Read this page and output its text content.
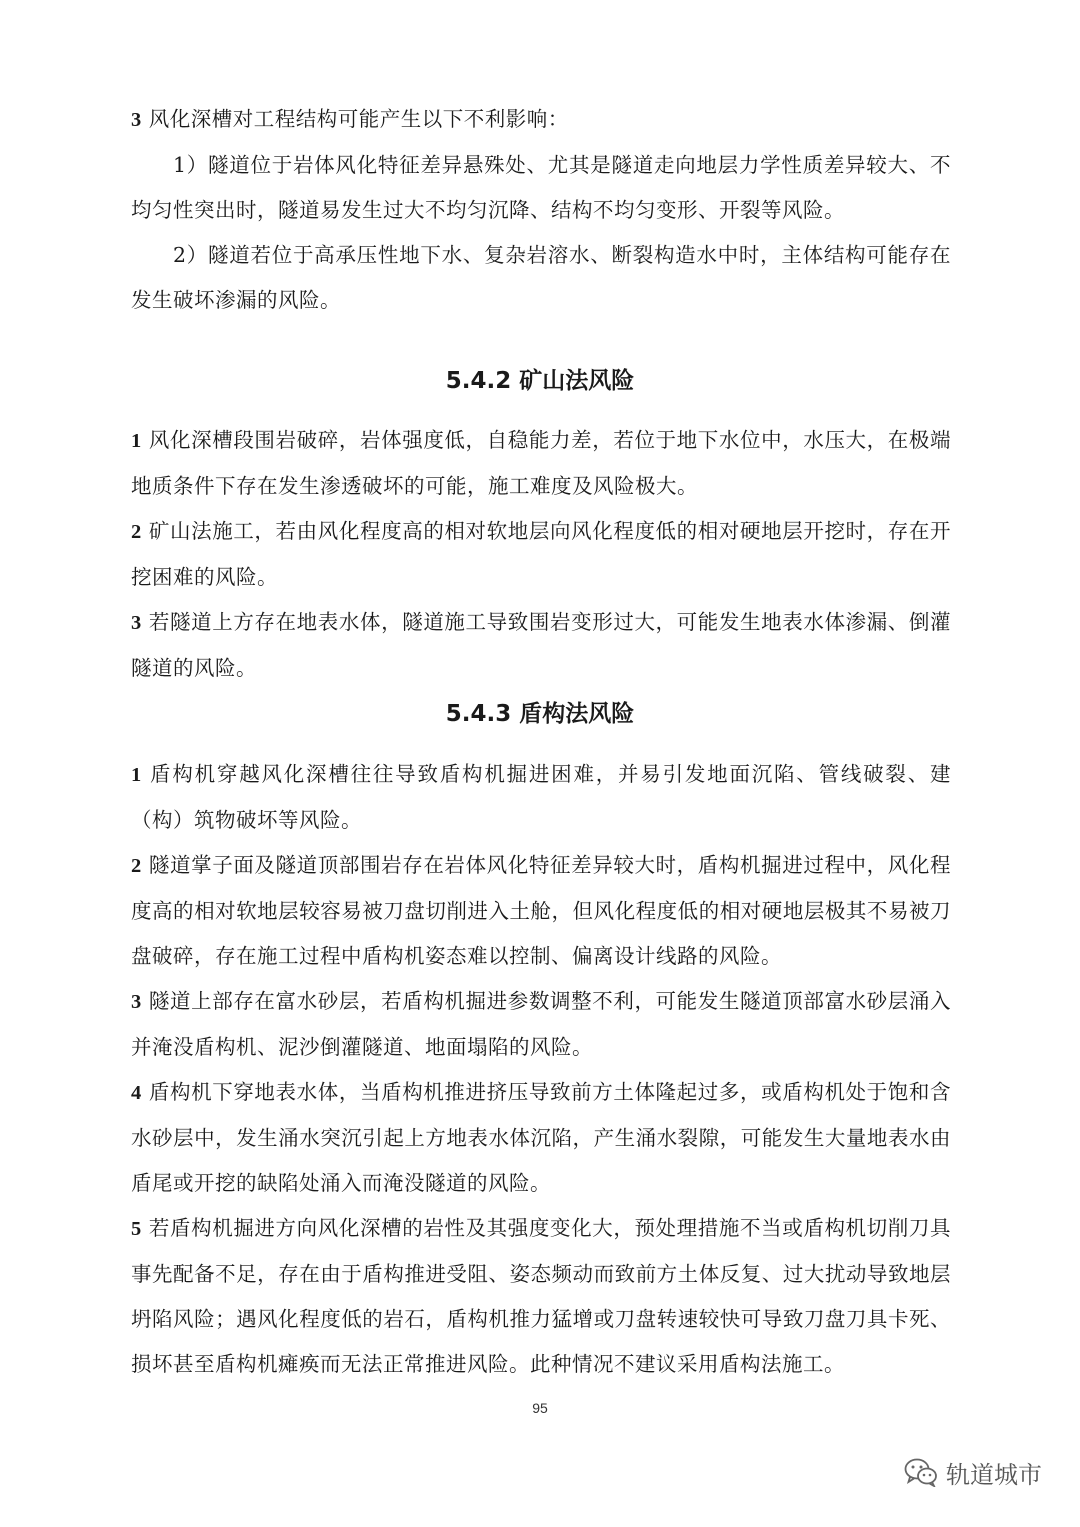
3 风化深槽对工程结构可能产生以下不利影响：

1）隧道位于岩体风化特征差异悬殊处、尤其是隧道走向地层力学性质差异较大、不均匀性突出时，隧道易发生过大不均匀沉降、结构不均匀变形、开裂等风险。

2）隧道若位于高承压性地下水、复杂岩溶水、断裂构造水中时，主体结构可能存在发生破坏渗漏的风险。

5.4.2 矿山法风险

1 风化深槽段围岩破碎，岩体强度低，自稳能力差，若位于地下水位中，水压大，在极端地质条件下存在发生渗透破坏的可能，施工难度及风险极大。

2 矿山法施工，若由风化程度高的相对软地层向风化程度低的相对硬地层开挖时，存在开挖困难的风险。

3 若隧道上方存在地表水体，隧道施工导致围岩变形过大，可能发生地表水体渗漏、倒灌隧道的风险。

5.4.3 盾构法风险

1 盾构机穿越风化深槽往往导致盾构机掘进困难，并易引发地面沉陷、管线破裂、建（构）筑物破坏等风险。

2 隧道掌子面及隧道顶部围岩存在岩体风化特征差异较大时，盾构机掘进过程中，风化程度高的相对软地层较容易被刀盘切削进入土舱，但风化程度低的相对硬地层极其不易被刀盘破碎，存在施工过程中盾构机姿态难以控制、偏离设计线路的风险。

3 隧道上部存在富水砂层，若盾构机掘进参数调整不利，可能发生隧道顶部富水砂层涌入并淹没盾构机、泥沙倒灌隧道、地面塌陷的风险。

4 盾构机下穿地表水体，当盾构机推进挤压导致前方土体隆起过多，或盾构机处于饱和含水砂层中，发生涌水突沉引起上方地表水体沉陷，产生涌水裂隙，可能发生大量地表水由盾尾或开挖的缺陷处涌入而淹没隧道的风险。

5 若盾构机掘进方向风化深槽的岩性及其强度变化大，预处理措施不当或盾构机切削刀具事先配备不足，存在由于盾构推进受阻、姿态频动而致前方土体反复、过大扰动导致地层坍陷风险；遇风化程度低的岩石，盾构机推力猛增或刀盘转速较快可导致刀盘刀具卡死、损坏甚至盾构机瘫痪而无法正常推进风险。此种情况不建议采用盾构法施工。

95
轨道城市
